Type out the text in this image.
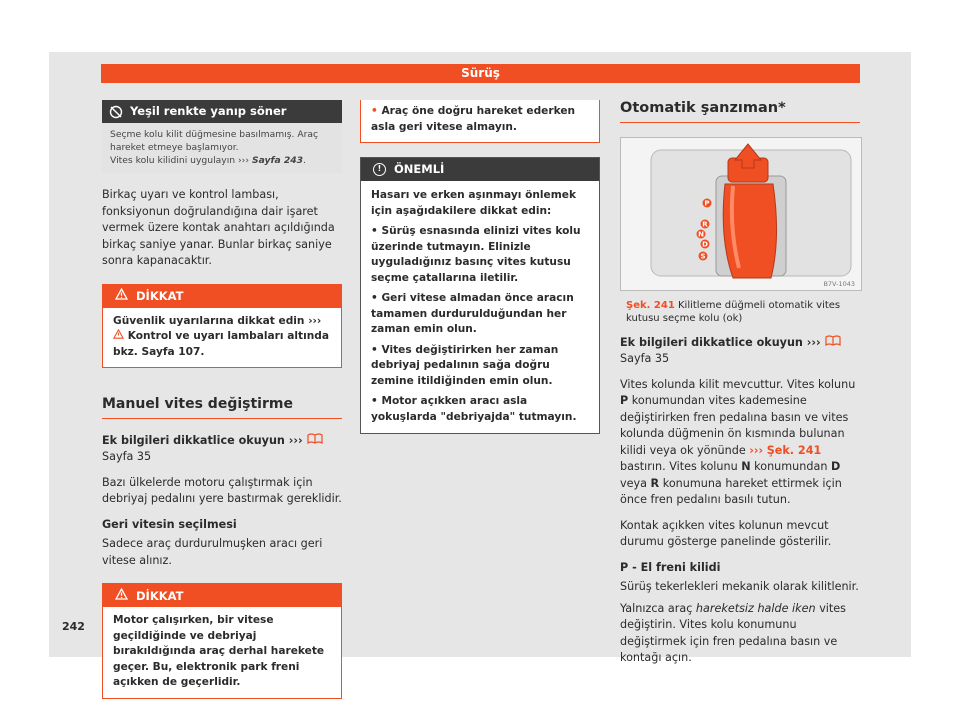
Sürüş
Yeşil renkte yanıp söner
Seçme kolu kilit düğmesine basılmamış. Araç hareket etmeye başlamıyor.
Vites kolu kilidini uygulayın ››› Sayfa 243.

Birkaç uyarı ve kontrol lambası, fonksiyonun doğrulandığına dair işaret vermek üzere kontak anahtarı açıldığında birkaç saniye yanar. Bunlar birkaç saniye sonra kapanacaktır.

DİKKAT
Güvenlik uyarılarına dikkat edin ›››  Kontrol ve uyarı lambaları altında bkz. Sayfa 107.
Manuel vites değiştirme

Ek bilgileri dikkatlice okuyun ›››  Sayfa 35

Bazı ülkelerde motoru çalıştırmak için debriyaj pedalını yere bastırmak gereklidir.

Geri vitesin seçilmesi

Sadece araç durdurulmuşken aracı geri vitese alınız.

DİKKAT
Motor çalışırken, bir vitese geçildiğinde ve debriyaj bırakıldığında araç derhal harekete geçer. Bu, elektronik park freni açıkken de geçerlidir.
• Araç öne doğru hareket ederken asla geri vitese almayın.
!	ÖNEMLİ

Hasarı ve erken aşınmayı önlemek için aşağıdakilere dikkat edin:

• Sürüş esnasında elinizi vites kolu üzerinde tutmayın. Elinizle uyguladığınız basınç vites kutusu seçme çatallarına iletilir.

• Geri vitese almadan önce aracın tamamen durdurulduğundan her zaman emin olun.

• Vites değiştirirken her zaman debriyaj pedalının sağa doğru zemine itildiğinden emin olun.

• Motor açıkken aracı asla yokuşlarda "debriyajda" tutmayın.

Otomatik şanzıman*
P
R
N
D
S
B7V-1043
Şek. 241 Kilitleme düğmeli otomatik vites kutusu seçme kolu (ok)

Ek bilgileri dikkatlice okuyun ›››  Sayfa 35

Vites kolunda kilit mevcuttur. Vites kolunu P konumundan vites kademesine değiştirirken fren pedalına basın ve vites kolunda düğmenin ön kısmında bulunan kilidi veya ok yönünde ››› Şek. 241 bastırın. Vites kolunu N konumundan D veya R konumuna hareket ettirmek için önce fren pedalını basılı tutun.

Kontak açıkken vites kolunun mevcut durumu gösterge panelinde gösterilir.

P - El freni kilidi

Sürüş tekerlekleri mekanik olarak kilitlenir.

Yalnızca araç hareketsiz halde iken vites değiştirin. Vites kolu konumunu değiştirmek için fren pedalına basın ve kontağı açın.

242
